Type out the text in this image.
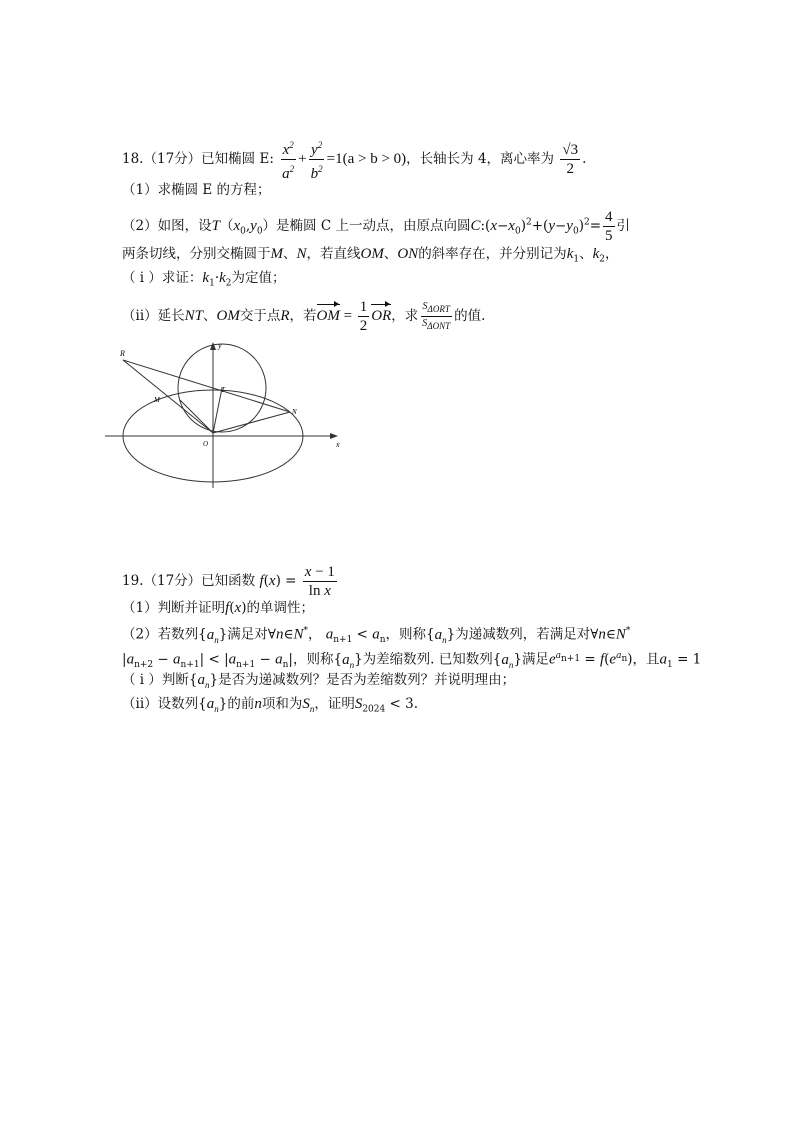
18.（17分）已知椭圆 E: $\frac{x^2}{a^2} + \frac{y^2}{b^2} =1(a > b > 0)$，长轴长为 4，离心率为 $\frac{√3}{2}$ .
（1）求椭圆 E 的方程；
（2）如图，设$T(x_0,y_0)$是椭圆 C 上一动点，由原点向圆$C:(x-x_0)^2+(y-y_0)^2= \frac{4}{5}$ 引
两条切线，分别交椭圆于M、N，若直线OM、ON的斜率存在，并分别记为$k_1$、$k_2$，
（ i ）求证：$k_1\cdot k_2$为定值；
（ii）延长NT、OM交于点R，若OM = $\frac{1}{2}$ OR，求 $\frac{S_{\Delta ORT}}{S_{\Delta ONT}}$ 的值.
R
M
T
N
O	x
y
19.（17分）已知函数 $f(x) = \frac{x - 1}{\text{ln x}}$
（1）判断并证明f(x)的单调性；
（2）若数列$\{a_n\}$满足对∀n∈N*， $a_{n+1} < a_n$，则称$\{a_n\}$为递减数列，若满足对∀n∈N*
$|a_{n+2} - a_{n+1}| < |a_{n+1} - a_n|$，则称$\{a_n\}$为差缩数列. 已知数列$\{a_n\}$满足$e^{a_{n+1}} = f(e^{a_n})$，且$a_1 = 1$
（ i ）判断$\{a_n\}$是否为递减数列？是否为差缩数列？并说明理由；
（ii）设数列$\{a_n\}$的前n项和为$S_n$，证明$S_{2024} < 3$.
